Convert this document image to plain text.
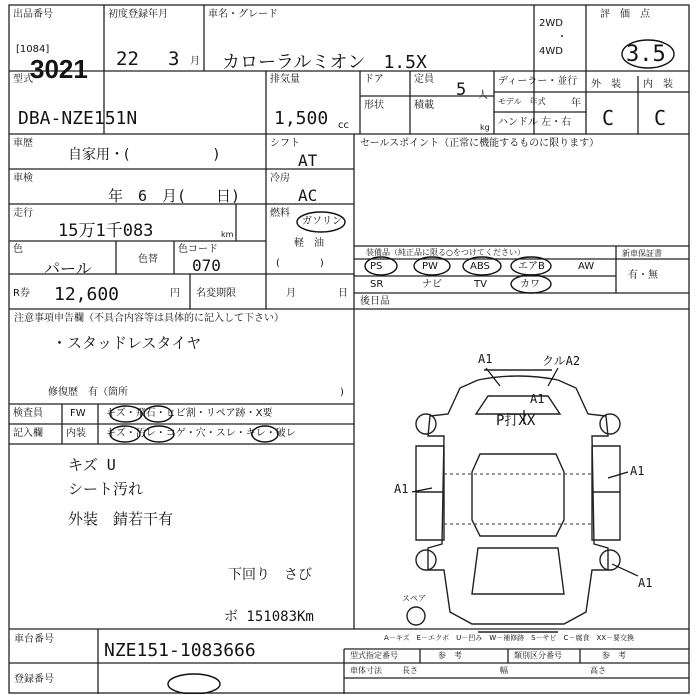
出品番号
[1084]
3021
初度登録年月
22 3 月
車名・グレード
カローラルミオン　1.5X
2WD
・
4WD
評　価　点
3.5
型式
DBA-NZE151N
排気量
1,500 cc
ドア
形状
定員
5 人
積載
kg
ディーラー・並行
モデル　年式	年
ハンドル 左・右
外　装 内　装
C C
車歴
自家用・(　　　　　　)
シフト
AT
車検
年　6　月(　　日)
冷房
AC
走行
15万1千083	km
燃料
ガソリン
軽　油
(　　　　)
色
パール	色替
色コード
070
R券 12,600	円 名変期限	月	日
セールスポイント（正常に機能するものに限ります）
装備品（純正品に限る○をつけてください）
PS	PW	ABS	エアB	AW
SR	ナビ	TV	カワ
新車保証書
有・無
後日品
注意事項申告欄（不具合内容等は具体的に記入して下さい）
・スタッドレスタイヤ
修復歴　有（箇所	)
検査員
記入欄
FW キズ・飛石・ヒビ割・リペア跡・X要
内装 キズ・汚レ・コゲ・穴・スレ・キレ・破レ
キズ U
シート汚れ
外装　錆若干有
下回り　さび
ボ 151083Km
A1	クルA2
A1
P打XX
A1
A1
A1
スペア
A－キズ　E－エクボ　U－凹み　W－補修跡　S－サビ　C－腐食　XX－要交換
車台番号
NZE151-1083666
登録番号
型式指定番号	参　考	類別区分番号	参　考
車体寸法	長さ	幅	高さ
